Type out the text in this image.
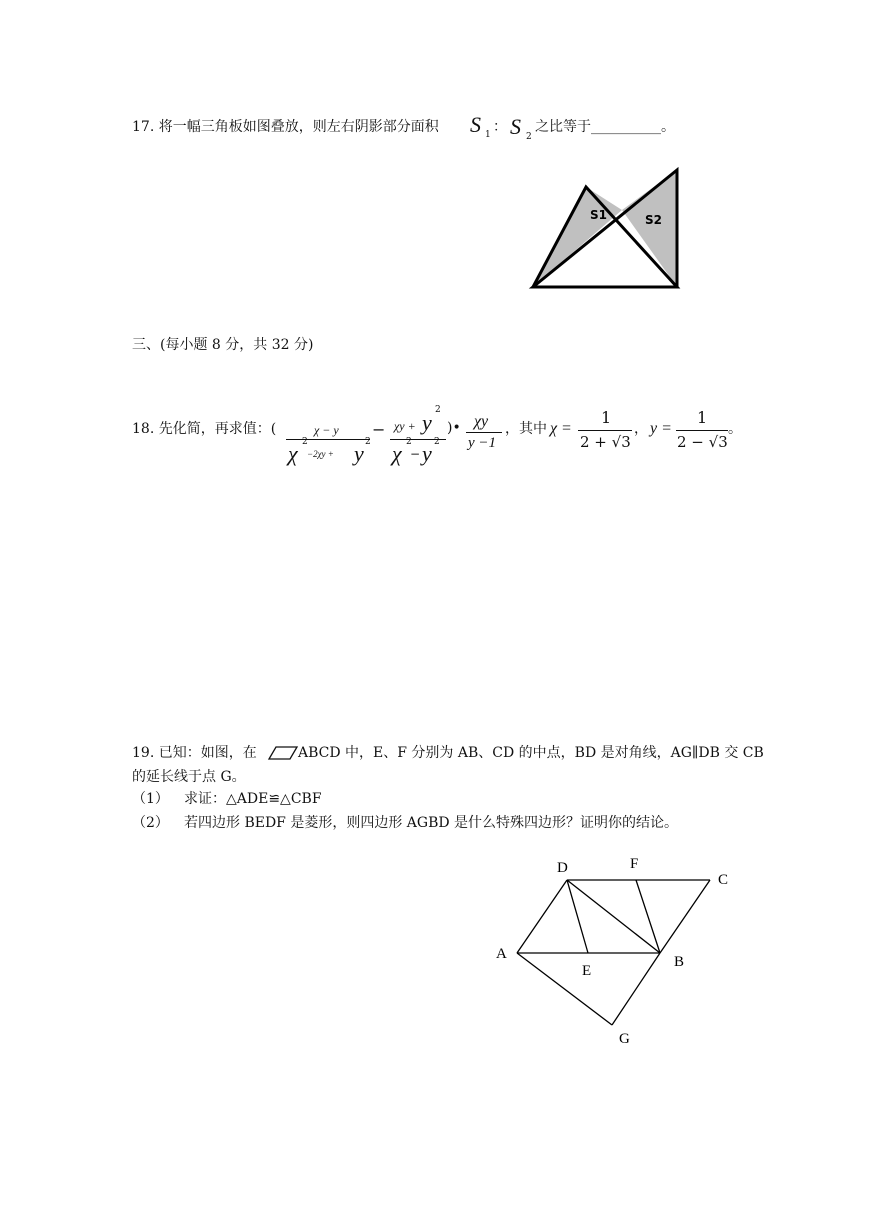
17. 将一幅三角板如图叠放，则左右阴影部分面积 S 1 ： S 2
之比等于__________。
S1	S2
三、(每小题 8 分，共 32 分)
18. 先化简，再求值：(	χ − y
χ 2
−2χy + y 2
− χy + y 2
χ 2
− y 2
)• χy
y −1
，其中 χ =
1
2 + √3
， y =
1
2 − √3
。
19. 已知：如图，在	ABCD 中，E、F 分别为 AB、CD 的中点，BD 是对角线，AG∥DB 交 CB
的延长线于点 G。
（1） 求证：△ADE≌△CBF
（2） 若四边形 BEDF 是菱形，则四边形 AGBD 是什么特殊四边形？证明你的结论。
D	F
C
A
E
B
G
